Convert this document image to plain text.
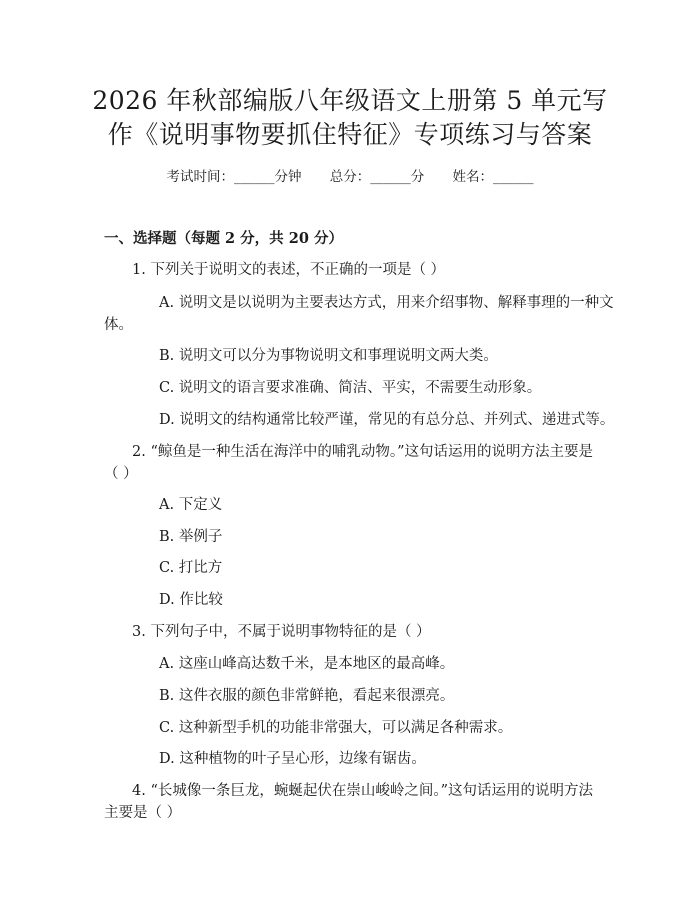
2026 年秋部编版八年级语文上册第 5 单元写
作《说明事物要抓住特征》专项练习与答案
考试时间：______分钟 总分：______分 姓名：______
一、选择题（每题 2 分，共 20 分）
1. 下列关于说明文的表述，不正确的一项是（ ）
A. 说明文是以说明为主要表达方式，用来介绍事物、解释事理的一种文
体。
B. 说明文可以分为事物说明文和事理说明文两大类。
C. 说明文的语言要求准确、简洁、平实，不需要生动形象。
D. 说明文的结构通常比较严谨，常见的有总分总、并列式、递进式等。
2. “鲸鱼是一种生活在海洋中的哺乳动物。”这句话运用的说明方法主要是
（ ）
A. 下定义
B. 举例子
C. 打比方
D. 作比较
3. 下列句子中，不属于说明事物特征的是（ ）
A. 这座山峰高达数千米，是本地区的最高峰。
B. 这件衣服的颜色非常鲜艳，看起来很漂亮。
C. 这种新型手机的功能非常强大，可以满足各种需求。
D. 这种植物的叶子呈心形，边缘有锯齿。
4. “长城像一条巨龙，蜿蜒起伏在崇山峻岭之间。”这句话运用的说明方法
主要是（ ）
